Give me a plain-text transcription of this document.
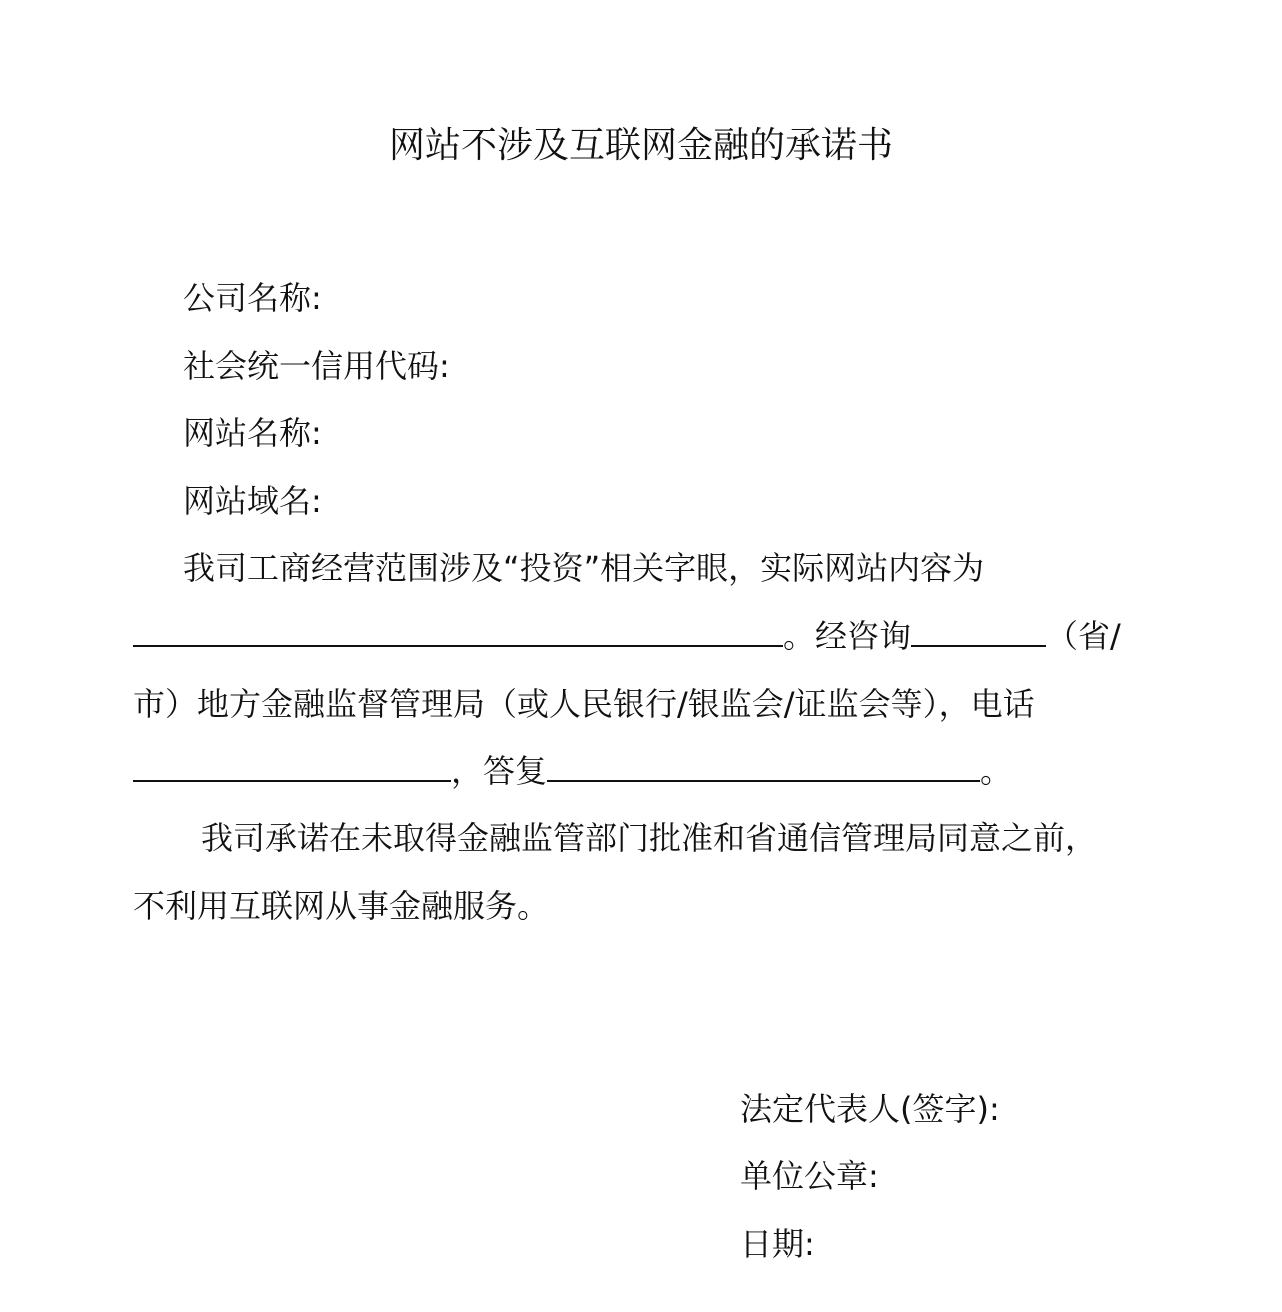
网站不涉及互联网金融的承诺书
公司名称:
社会统一信用代码:
网站名称:
网站域名:
我司工商经营范围涉及“投资”相关字眼，实际网站内容为
。经咨询	（省/
市）地方金融监督管理局（或人民银行/银监会/证监会等），电话
，答复	。
我司承诺在未取得金融监管部门批准和省通信管理局同意之前，
不利用互联网从事金融服务。
法定代表人(签字):
单位公章:
日期:
